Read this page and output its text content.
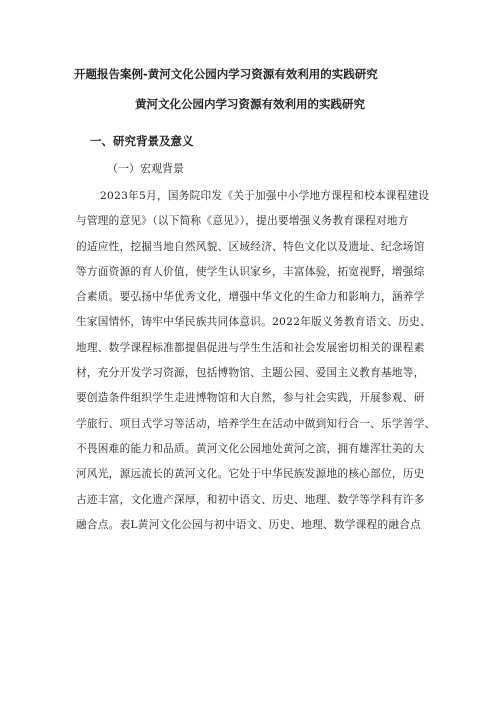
开题报告案例-黄河文化公园内学习资源有效利用的实践研究
黄河文化公园内学习资源有效利用的实践研究
一、研究背景及意义
（一）宏观背景
2023年5月，国务院印发《关于加强中小学地方课程和校本课程建设
与管理的意见》（以下简称《意见》），提出要增强义务教育课程对地方
的适应性，挖掘当地自然风貌、区域经济、特色文化以及遗址、纪念场馆
等方面资源的育人价值，使学生认识家乡，丰富体验，拓宽视野，增强综
合素质。要弘扬中华优秀文化，增强中华文化的生命力和影响力，涵养学
生家国情怀，铸牢中华民族共同体意识。2022年版义务教育语文、历史、
地理、数学课程标准都提倡促进与学生生活和社会发展密切相关的课程素
材，充分开发学习资源，包括博物馆、主题公园、爱国主义教育基地等，
要创造条件组织学生走进博物馆和大自然，参与社会实践，开展参观、研
学旅行、项目式学习等活动，培养学生在活动中做到知行合一、乐学善学、
不畏困难的能力和品质。黄河文化公园地处黄河之滨，拥有雄浑壮美的大
河风光，源远流长的黄河文化。它处于中华民族发源地的核心部位，历史
古迹丰富，文化遗产深厚，和初中语文、历史、地理、数学等学科有许多
融合点。表L黄河文化公园与初中语文、历史、地理、数学课程的融合点
